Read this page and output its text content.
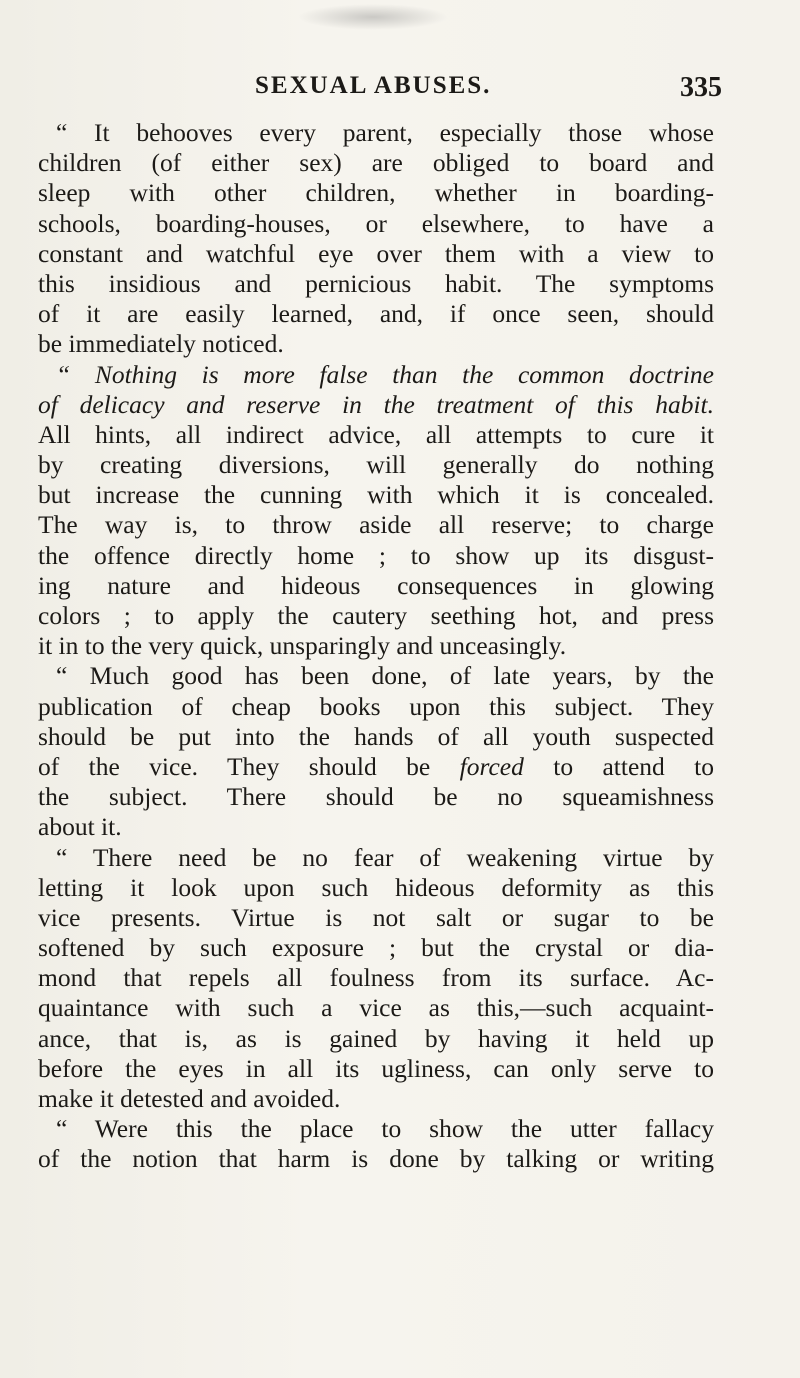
SEXUAL ABUSES.	335
“ It behooves every parent, especially those whose
children (of either sex) are obliged to board and
sleep with other children, whether in boarding-
schools, boarding-houses, or elsewhere, to have a
constant and watchful eye over them with a view to
this insidious and pernicious habit. The symptoms
of it are easily learned, and, if once seen, should
be immediately noticed.
“ Nothing is more false than the common doctrine
of delicacy and reserve in the treatment of this habit.
All hints, all indirect advice, all attempts to cure it
by creating diversions, will generally do nothing
but increase the cunning with which it is concealed.
The way is, to throw aside all reserve; to charge
the offence directly home ; to show up its disgust-
ing nature and hideous consequences in glowing
colors ; to apply the cautery seething hot, and press
it in to the very quick, unsparingly and unceasingly.
“ Much good has been done, of late years, by the
publication of cheap books upon this subject. They
should be put into the hands of all youth suspected
of the vice. They should be forced to attend to
the subject. There should be no squeamishness
about it.
“ There need be no fear of weakening virtue by
letting it look upon such hideous deformity as this
vice presents. Virtue is not salt or sugar to be
softened by such exposure ; but the crystal or dia-
mond that repels all foulness from its surface. Ac-
quaintance with such a vice as this,—such acquaint-
ance, that is, as is gained by having it held up
before the eyes in all its ugliness, can only serve to
make it detested and avoided.
“ Were this the place to show the utter fallacy
of the notion that harm is done by talking or writing
